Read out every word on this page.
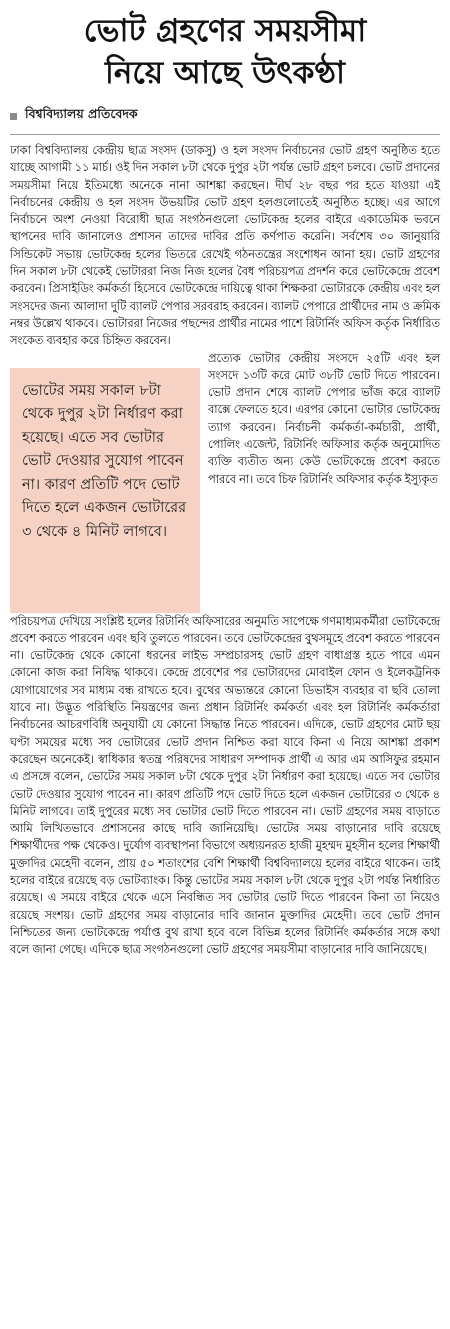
ভোট গ্রহণের সময়সীমা
নিয়ে আছে উৎকণ্ঠা
বিশ্ববিদ্যালয় প্রতিবেদক

ঢাকা বিশ্ববিদ্যালয় কেন্দ্রীয় ছাত্র সংসদ (ডাকসু) ও হল সংসদ নির্বাচনের ভোট গ্রহণ অনুষ্ঠিত হতে যাচ্ছে আগামী ১১ মার্চ। ওই দিন সকাল ৮টা থেকে দুপুর ২টা পর্যন্ত ভোট গ্রহণ চলবে। ভোট প্রদানের সময়সীমা নিয়ে ইতিমধ্যে অনেকে নানা আশঙ্কা করছেন। দীর্ঘ ২৮ বছর পর হতে যাওয়া এই নির্বাচনের কেন্দ্রীয় ও হল সংসদ উভয়টির ভোট গ্রহণ হলগুলোতেই অনুষ্ঠিত হচ্ছে। এর আগে নির্বাচনে অংশ নেওয়া বিরোধী ছাত্র সংগঠনগুলো ভোটকেন্দ্র হলের বাইরে একাডেমিক ভবনে স্থাপনের দাবি জানালেও প্রশাসন তাদের দাবির প্রতি কর্ণপাত করেনি। সর্বশেষ ৩০ জানুয়ারি সিন্ডিকেট সভায় ভোটকেন্দ্র হলের ভিতরে রেখেই গঠনতন্ত্রের সংশোধন আনা হয়। ভোট গ্রহণের দিন সকাল ৮টা থেকেই ভোটাররা নিজ নিজ হলের বৈধ পরিচয়পত্র প্রদর্শন করে ভোটকেন্দ্রে প্রবেশ করবেন। প্রিসাইডিং কর্মকর্তা হিসেবে ভোটকেন্দ্রে দায়িত্বে থাকা শিক্ষকরা ভোটারকে কেন্দ্রীয় এবং হল সংসদের জন্য আলাদা দুটি ব্যালট পেপার সরবরাহ করবেন। ব্যালট পেপারে প্রার্থীদের নাম ও ক্রমিক নম্বর উল্লেখ থাকবে। ভোটাররা নিজের পছন্দের প্রার্থীর নামের পাশে রিটার্নিং অফিস কর্তৃক নির্ধারিত সংকেত ব্যবহার করে চিহ্নিত করবেন।

ভোটের সময় সকাল ৮টা থেকে দুপুর ২টা নির্ধারণ করা হয়েছে। এতে সব ভোটার ভোট দেওয়ার সুযোগ পাবেন না। কারণ প্রতিটি পদে ভোট দিতে হলে একজন ভোটারের ৩ থেকে ৪ মিনিট লাগবে।

প্রত্যেক ভোটার কেন্দ্রীয় সংসদে ২৫টি এবং হল সংসদে ১৩টি করে মোট ৩৮টি ভোট দিতে পারবেন। ভোট প্রদান শেষে ব্যালট পেপার ভাঁজ করে ব্যালট বাক্সে ফেলতে হবে। এরপর কোনো ভোটার ভোটকেন্দ্র ত্যাগ করবেন। নির্বাচনী কর্মকর্তা-কর্মচারী, প্রার্থী, পোলিং এজেন্ট, রিটার্নিং অফিসার কর্তৃক অনুমোদিত ব্যক্তি ব্যতীত অন্য কেউ ভোটকেন্দ্রে প্রবেশ করতে পারবে না। তবে চিফ রিটার্নিং অফিসার কর্তৃক ইস্যুকৃত

পরিচয়পত্র দেখিয়ে সংশ্লিষ্ট হলের রিটার্নিং অফিসারের অনুমতি সাপেক্ষে গণমাধ্যমকর্মীরা ভোটকেন্দ্রে প্রবেশ করতে পারবেন এবং ছবি তুলতে পারবেন। তবে ভোটকেন্দ্রের বুথসমূহে প্রবেশ করতে পারবেন না। ভোটকেন্দ্র থেকে কোনো ধরনের লাইভ সম্প্রচারসহ ভোট গ্রহণ বাধাগ্রস্ত হতে পারে এমন কোনো কাজ করা নিষিদ্ধ থাকবে। কেন্দ্রে প্রবেশের পর ভোটারদের মোবাইল ফোন ও ইলেকট্রনিক যোগাযোগের সব মাধ্যম বন্ধ রাখতে হবে। বুথের অভ্যন্তরে কোনো ডিভাইস ব্যবহার বা ছবি তোলা যাবে না। উদ্ভূত পরিস্থিতি নিয়ন্ত্রণের জন্য প্রধান রিটার্নিং কর্মকর্তা এবং হল রিটার্নিং কর্মকর্তারা নির্বাচনের আচরণবিধি অনুযায়ী যে কোনো সিদ্ধান্ত নিতে পারবেন। এদিকে, ভোট গ্রহণের মোট ছয় ঘণ্টা সময়ের মধ্যে সব ভোটারের ভোট প্রদান নিশ্চিত করা যাবে কিনা এ নিয়ে আশঙ্কা প্রকাশ করেছেন অনেকেই। স্বাধিকার স্বতন্ত্র পরিষদের সাধারণ সম্পাদক প্রার্থী এ আর এম আসিফুর রহমান এ প্রসঙ্গে বলেন, ভোটের সময় সকাল ৮টা থেকে দুপুর ২টা নির্ধারণ করা হয়েছে। এতে সব ভোটার ভোট দেওয়ার সুযোগ পাবেন না। কারণ প্রতিটি পদে ভোট দিতে হলে একজন ভোটারের ৩ থেকে ৪ মিনিট লাগবে। তাই দুপুরের মধ্যে সব ভোটার ভোট দিতে পারবেন না। ভোট গ্রহণের সময় বাড়াতে আমি লিখিতভাবে প্রশাসনের কাছে দাবি জানিয়েছি। ভোটের সময় বাড়ানোর দাবি রয়েছে শিক্ষার্থীদের পক্ষ থেকেও। দুর্যোগ ব্যবস্থাপনা বিভাগে অধ্যয়নরত হাজী মুহম্মদ মুহসীন হলের শিক্ষার্থী মুক্তাদির মেহেদী বলেন, প্রায় ৫০ শতাংশের বেশি শিক্ষার্থী বিশ্ববিদ্যালয়ে হলের বাইরে থাকেন। তাই হলের বাইরে রয়েছে বড় ভোটব্যাংক। কিন্তু ভোটের সময় সকাল ৮টা থেকে দুপুর ২টা পর্যন্ত নির্ধারিত রয়েছে। এ সময়ে বাইরে থেকে এসে নিবন্ধিত সব ভোটার ভোট দিতে পারবেন কিনা তা নিয়েও রয়েছে সংশয়। ভোট গ্রহণের সময় বাড়ানোর দাবি জানান মুক্তাদির মেহেদী। তবে ভোট প্রদান নিশ্চিতের জন্য ভোটকেন্দ্রে পর্যাপ্ত বুথ রাখা হবে বলে বিভিন্ন হলের রিটার্নিং কর্মকর্তার সঙ্গে কথা বলে জানা গেছে। এদিকে ছাত্র সংগঠনগুলো ভোট গ্রহণের সময়সীমা বাড়ানোর দাবি জানিয়েছে।
